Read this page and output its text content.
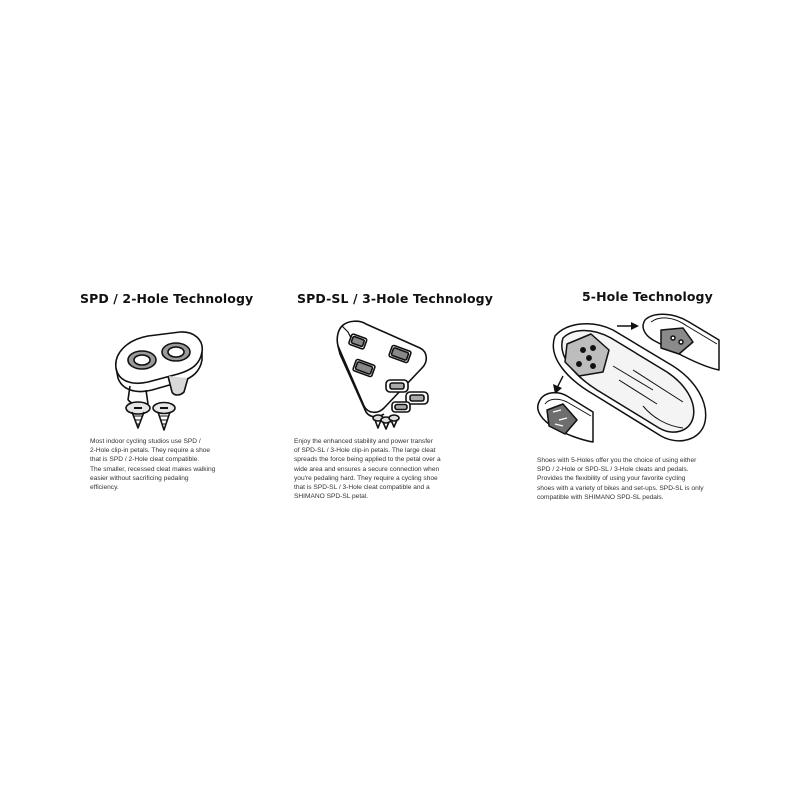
SPD / 2-Hole Technology
Most indoor cycling studios use SPD /
2-Hole clip-in petals. They require a shoe
that is SPD / 2-Hole cleat compatible.
The smaller, recessed cleat makes walking
easier without sacrificing pedaling
efficiency.
SPD-SL / 3-Hole Technology
Enjoy the enhanced stability and power transfer
of SPD-SL / 3-Hole clip-in petals. The large cleat
spreads the force being applied to the petal over a
wide area and ensures a secure connection when
you're pedaling hard. They require a cycling shoe
that is SPD-SL / 3-Hole cleat compatible and a
SHIMANO SPD-SL petal.
5-Hole Technology
Shoes with 5-Holes offer you the choice of using either
SPD / 2-Hole or SPD-SL / 3-Hole cleats and pedals.
Provides the flexibility of using your favorite cycling
shoes with a variety of bikes and set-ups. SPD-SL is only
compatible with SHIMANO SPD-SL pedals.
